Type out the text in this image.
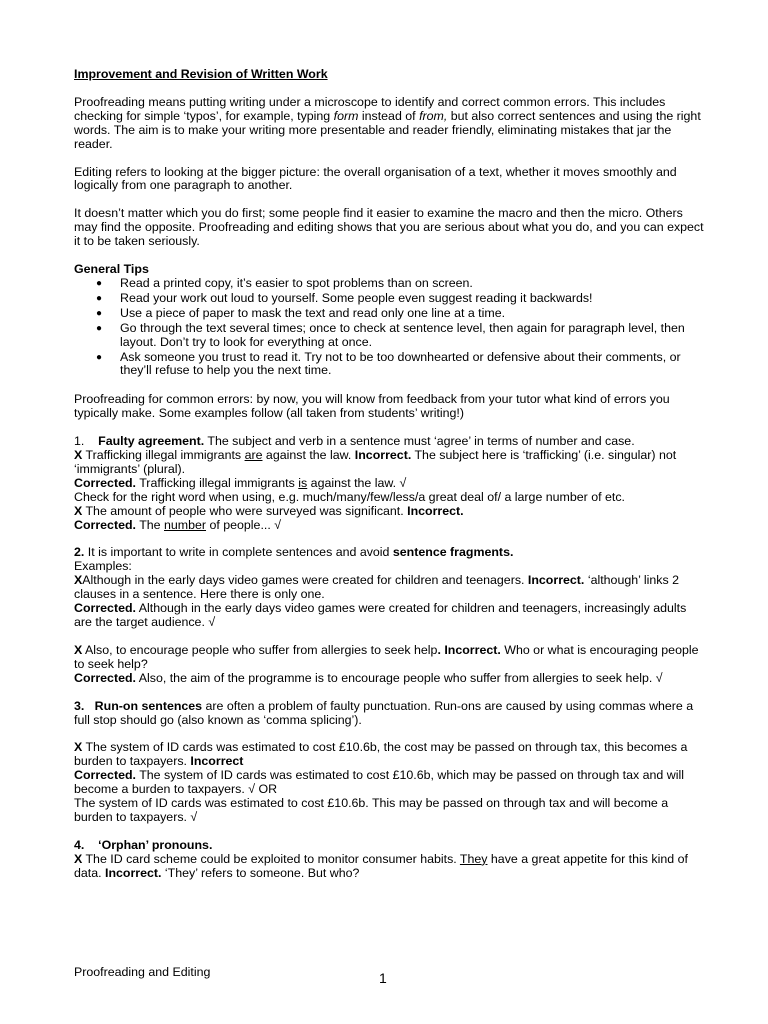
Improvement and Revision of Written Work

Proofreading means putting writing under a microscope to identify and correct common errors. This includes checking for simple ‘typos’, for example, typing form instead of from, but also correct sentences and using the right words. The aim is to make your writing more presentable and reader friendly, eliminating mistakes that jar the reader.

Editing refers to looking at the bigger picture: the overall organisation of a text, whether it moves smoothly and logically from one paragraph to another.

It doesn’t matter which you do first; some people find it easier to examine the macro and then the micro. Others may find the opposite. Proofreading and editing shows that you are serious about what you do, and you can expect it to be taken seriously.

General Tips
● Read a printed copy, it’s easier to spot problems than on screen.
● Read your work out loud to yourself. Some people even suggest reading it backwards!
● Use a piece of paper to mask the text and read only one line at a time.
● Go through the text several times; once to check at sentence level, then again for paragraph level, then layout. Don’t try to look for everything at once.
● Ask someone you trust to read it. Try not to be too downhearted or defensive about their comments, or they’ll refuse to help you the next time.

Proofreading for common errors: by now, you will know from feedback from your tutor what kind of errors you typically make. Some examples follow (all taken from students’ writing!)

1. Faulty agreement. The subject and verb in a sentence must ‘agree’ in terms of number and case.
X Trafficking illegal immigrants are against the law. Incorrect. The subject here is ‘trafficking’ (i.e. singular) not ‘immigrants’ (plural).
Corrected. Trafficking illegal immigrants is against the law. √
Check for the right word when using, e.g. much/many/few/less/a great deal of/ a large number of etc.
X The amount of people who were surveyed was significant. Incorrect.
Corrected. The number of people... √
2. It is important to write in complete sentences and avoid sentence fragments.
Examples:
XAlthough in the early days video games were created for children and teenagers. Incorrect. ‘although’ links 2 clauses in a sentence. Here there is only one.
Corrected. Although in the early days video games were created for children and teenagers, increasingly adults are the target audience. √
X Also, to encourage people who suffer from allergies to seek help. Incorrect. Who or what is encouraging people to seek help?
Corrected. Also, the aim of the programme is to encourage people who suffer from allergies to seek help. √
3. Run-on sentences are often a problem of faulty punctuation. Run-ons are caused by using commas where a full stop should go (also known as ‘comma splicing’).
X The system of ID cards was estimated to cost £10.6b, the cost may be passed on through tax, this becomes a burden to taxpayers. Incorrect
Corrected. The system of ID cards was estimated to cost £10.6b, which may be passed on through tax and will become a burden to taxpayers. √ OR
The system of ID cards was estimated to cost £10.6b. This may be passed on through tax and will become a burden to taxpayers. √
4. ‘Orphan’ pronouns.
X The ID card scheme could be exploited to monitor consumer habits. They have a great appetite for this kind of data. Incorrect. ‘They’ refers to someone. But who?
Proofreading and Editing	1
